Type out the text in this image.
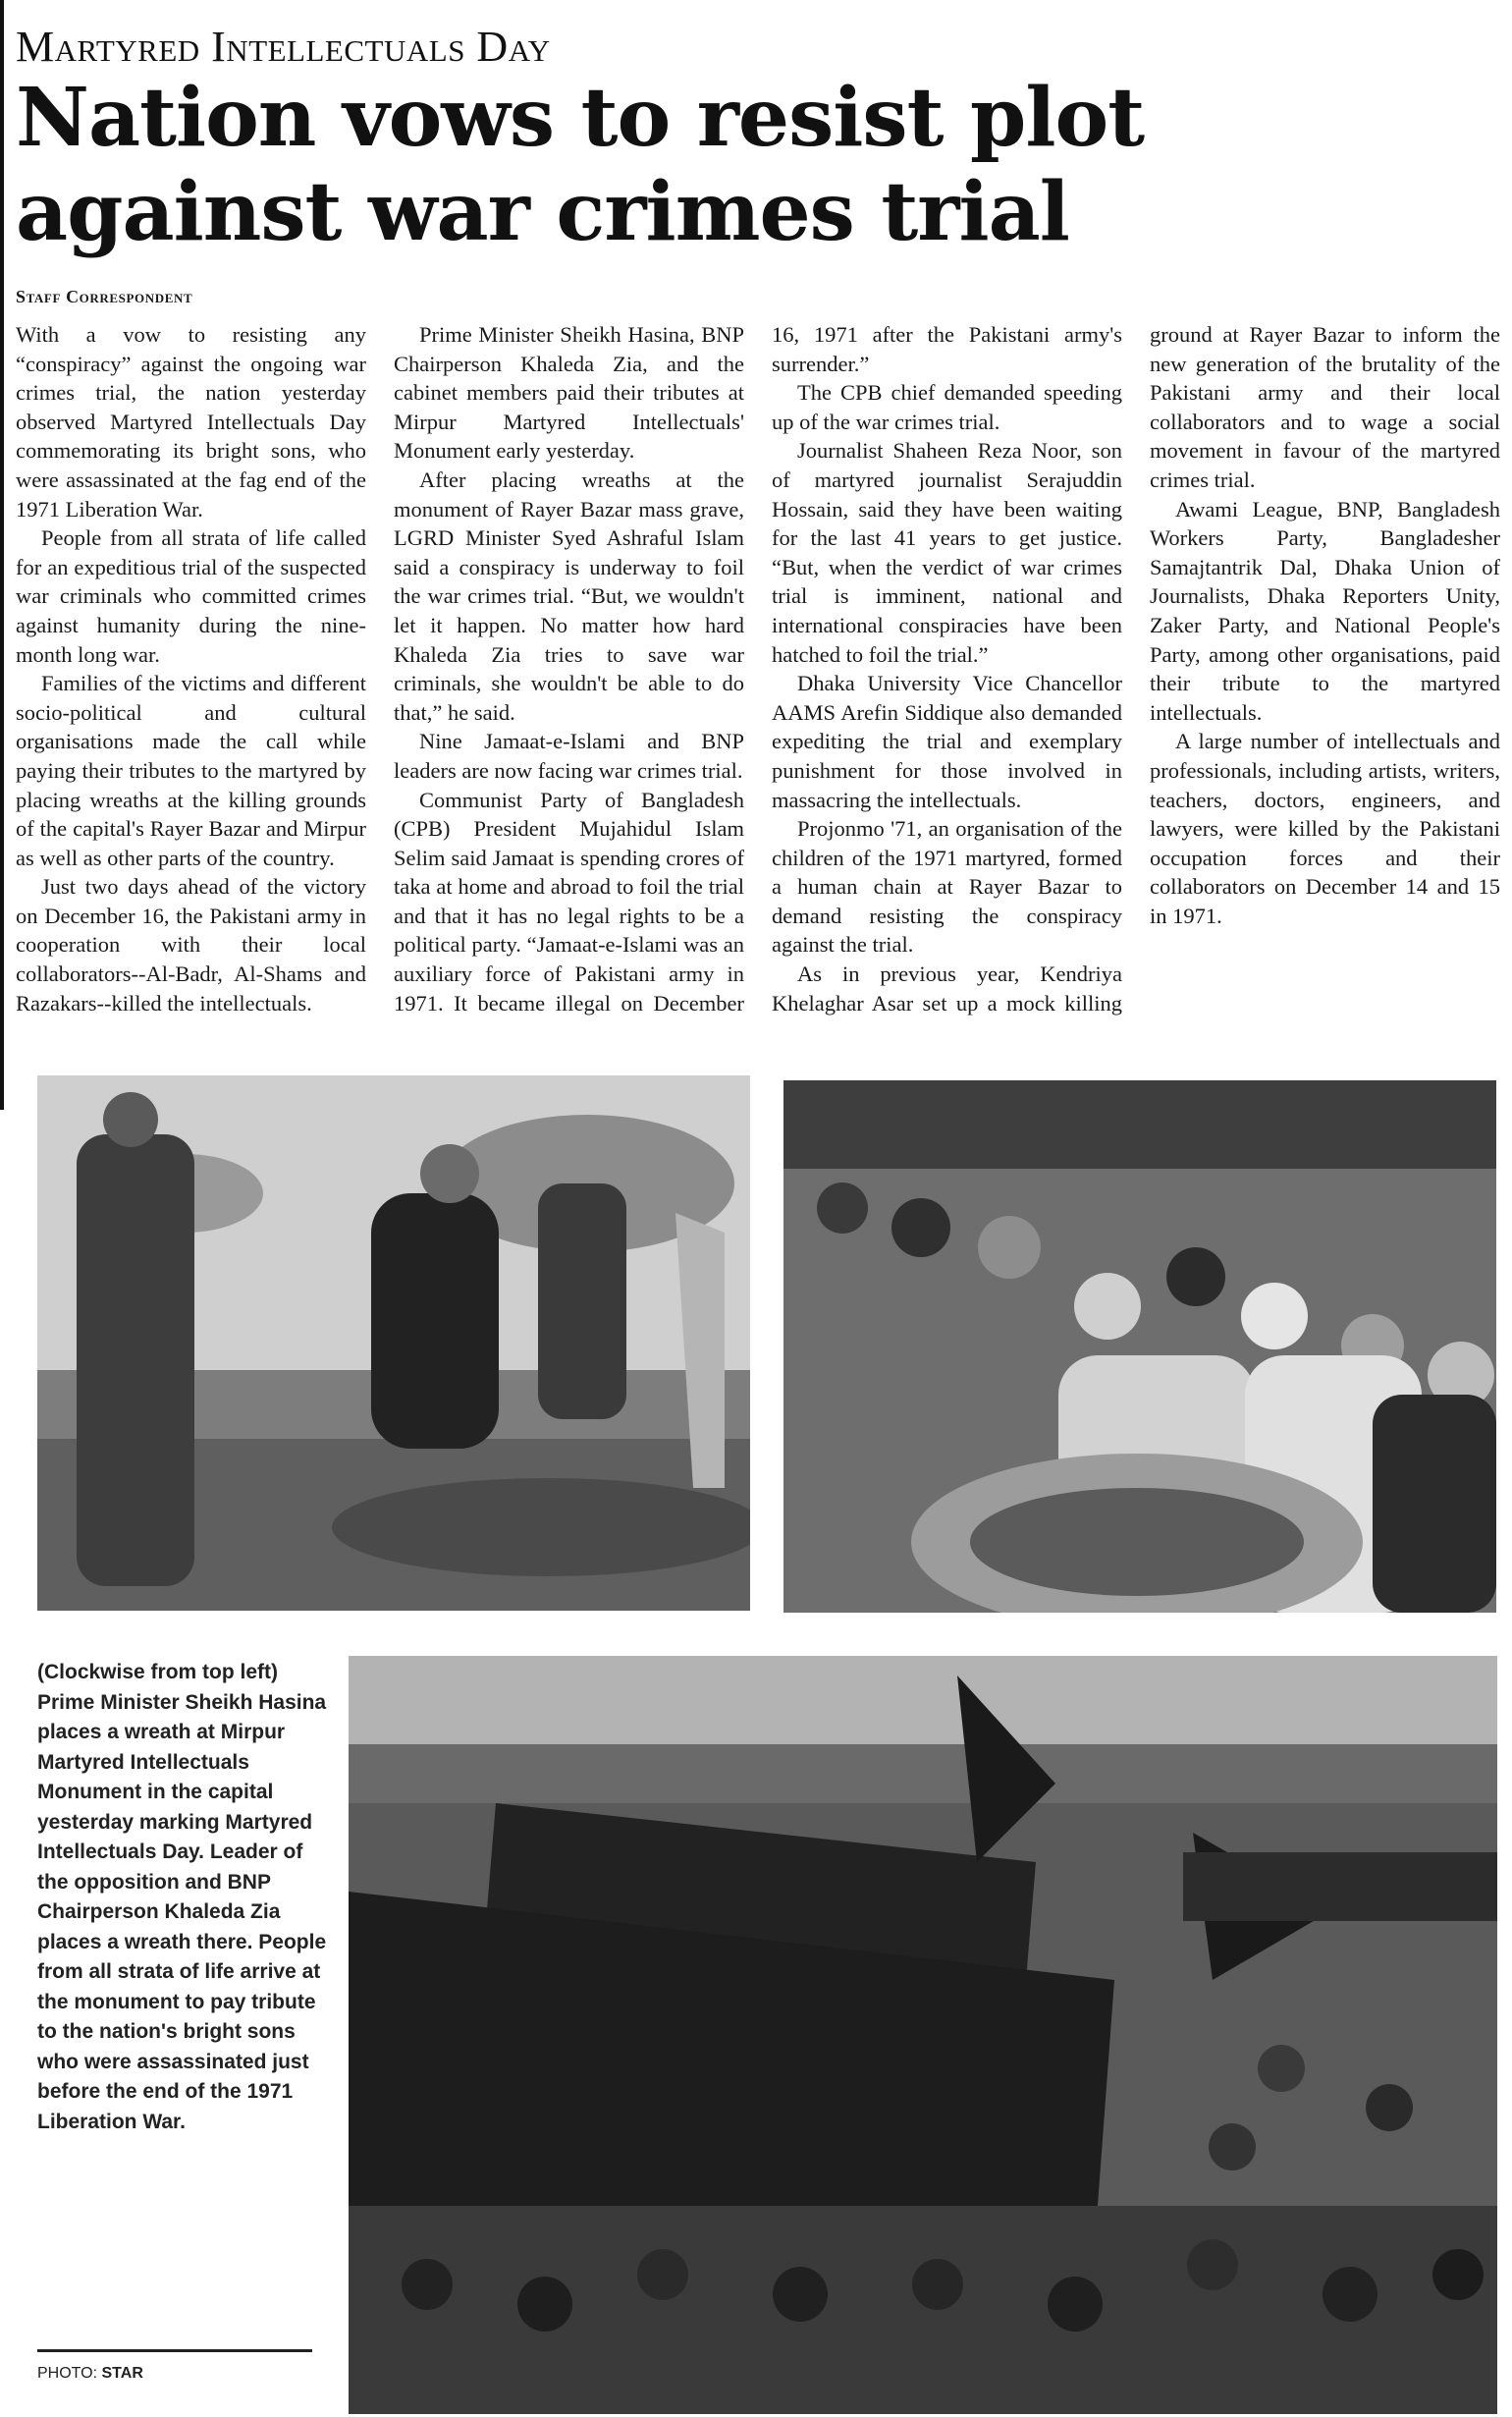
Martyred Intellectuals Day
Nation vows to resist plot against war crimes trial
Staff Correspondent

With a vow to resisting any “conspiracy” against the ongoing war crimes trial, the nation yesterday observed Martyred Intellectuals Day commemorating its bright sons, who were assassinated at the fag end of the 1971 Liberation War.

People from all strata of life called for an expeditious trial of the suspected war criminals who committed crimes against humanity during the nine-month long war.

Families of the victims and different socio-political and cultural organisations made the call while paying their tributes to the martyred by placing wreaths at the killing grounds of the capital's Rayer Bazar and Mirpur as well as other parts of the country.

Just two days ahead of the victory on December 16, the Pakistani army in cooperation with their local collaborators--Al-Badr, Al-Shams and Razakars--killed the intellectuals.

Prime Minister Sheikh Hasina, BNP Chairperson Khaleda Zia, and the cabinet members paid their tributes at Mirpur Martyred Intellectuals' Monument early yesterday.

After placing wreaths at the monument of Rayer Bazar mass grave, LGRD Minister Syed Ashraful Islam said a conspiracy is underway to foil the war crimes trial. “But, we wouldn't let it happen. No matter how hard Khaleda Zia tries to save war criminals, she wouldn't be able to do that,” he said.

Nine Jamaat-e-Islami and BNP leaders are now facing war crimes trial.

Communist Party of Bangladesh (CPB) President Mujahidul Islam Selim said Jamaat is spending crores of taka at home and abroad to foil the trial and that it has no legal rights to be a political party. “Jamaat-e-Islami was an auxiliary force of Pakistani army in 1971. It became illegal on December 16, 1971 after the Pakistani army's surrender.”

The CPB chief demanded speeding up of the war crimes trial.

Journalist Shaheen Reza Noor, son of martyred journalist Serajuddin Hossain, said they have been waiting for the last 41 years to get justice. “But, when the verdict of war crimes trial is imminent, national and international conspiracies have been hatched to foil the trial.”

Dhaka University Vice Chancellor AAMS Arefin Siddique also demanded expediting the trial and exemplary punishment for those involved in massacring the intellectuals.

Projonmo '71, an organisation of the children of the 1971 martyred, formed a human chain at Rayer Bazar to demand resisting the conspiracy against the trial.

As in previous year, Kendriya Khelaghar Asar set up a mock killing ground at Rayer Bazar to inform the new generation of the brutality of the Pakistani army and their local collaborators and to wage a social movement in favour of the martyred crimes trial.

Awami League, BNP, Bangladesh Workers Party, Bangladesher Samajtantrik Dal, Dhaka Union of Journalists, Dhaka Reporters Unity, Zaker Party, and National People's Party, among other organisations, paid their tribute to the martyred intellectuals.

A large number of intellectuals and professionals, including artists, writers, teachers, doctors, engineers, and lawyers, were killed by the Pakistani occupation forces and their collaborators on December 14 and 15 in 1971.

(Clockwise from top left) Prime Minister Sheikh Hasina places a wreath at Mirpur Martyred Intellectuals Monument in the capital yesterday marking Martyred Intellectuals Day. Leader of the opposition and BNP Chairperson Khaleda Zia places a wreath there. People from all strata of life arrive at the monument to pay tribute to the nation's bright sons who were assassinated just before the end of the 1971 Liberation War.

PHOTO: STAR
